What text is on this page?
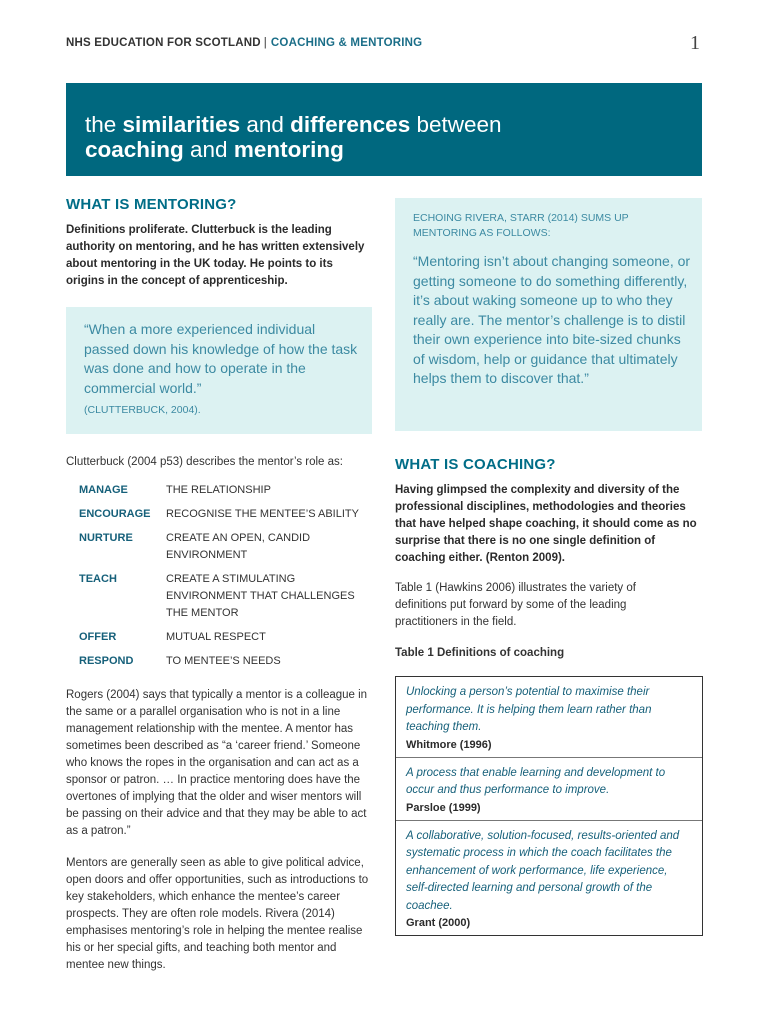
NHS EDUCATION FOR SCOTLAND | COACHING & MENTORING	1
the similarities and differences between
coaching and mentoring
WHAT IS MENTORING?

Definitions proliferate. Clutterbuck is the leading authority on mentoring, and he has written extensively about mentoring in the UK today. He points to its origins in the concept of apprenticeship.

“When a more experienced individual passed down his knowledge of how the task was done and how to operate in the commercial world.”
(CLUTTERBUCK, 2004).

Clutterbuck (2004 p53) describes the mentor’s role as:

MANAGE	THE RELATIONSHIP
ENCOURAGE	RECOGNISE THE MENTEE’S ABILITY
NURTURE	CREATE AN OPEN, CANDID ENVIRONMENT
TEACH	CREATE A STIMULATING ENVIRONMENT THAT CHALLENGES THE MENTOR
OFFER	MUTUAL RESPECT
RESPOND	TO MENTEE’S NEEDS

Rogers (2004) says that typically a mentor is a colleague in the same or a parallel organisation who is not in a line management relationship with the mentee. A mentor has sometimes been described as “a ‘career friend.’ Someone who knows the ropes in the organisation and can act as a sponsor or patron. … In practice mentoring does have the overtones of implying that the older and wiser mentors will be passing on their advice and that they may be able to act as a patron.”

Mentors are generally seen as able to give political advice, open doors and offer opportunities, such as introductions to key stakeholders, which enhance the mentee’s career prospects. They are often role models. Rivera (2014) emphasises mentoring’s role in helping the mentee realise his or her special gifts, and teaching both mentor and mentee new things.

ECHOING RIVERA, STARR (2014) SUMS UP MENTORING AS FOLLOWS:
“Mentoring isn’t about changing someone, or getting someone to do something differently, it’s about waking someone up to who they really are. The mentor’s challenge is to distil their own experience into bite-sized chunks of wisdom, help or guidance that ultimately helps them to discover that.”
WHAT IS COACHING?

Having glimpsed the complexity and diversity of the professional disciplines, methodologies and theories that have helped shape coaching, it should come as no surprise that there is no one single definition of coaching either. (Renton 2009).

Table 1 (Hawkins 2006) illustrates the variety of definitions put forward by some of the leading practitioners in the field.

Table 1 Definitions of coaching

Unlocking a person’s potential to maximise their performance. It is helping them learn rather than teaching them.
Whitmore (1996)
A process that enable learning and development to occur and thus performance to improve.
Parsloe (1999)
A collaborative, solution-focused, results-oriented and systematic process in which the coach facilitates the enhancement of work performance, life experience, self-directed learning and personal growth of the coachee.
Grant (2000)
